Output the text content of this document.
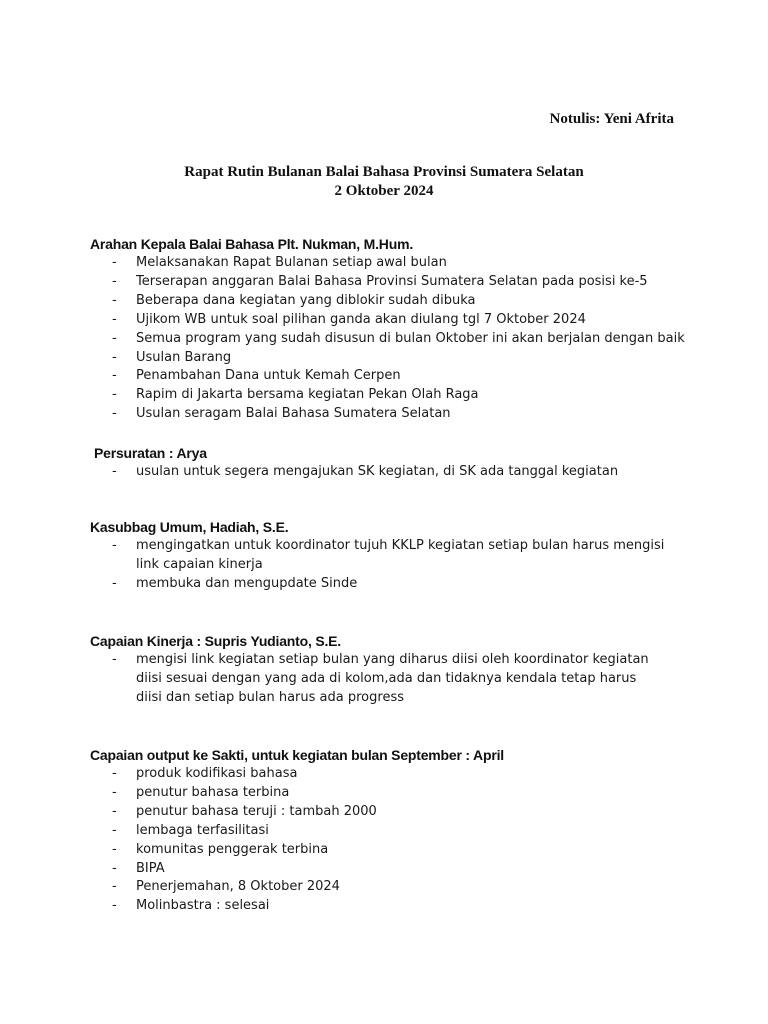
Notulis: Yeni Afrita
Rapat Rutin Bulanan Balai Bahasa Provinsi Sumatera Selatan
2 Oktober 2024
Arahan Kepala Balai Bahasa Plt. Nukman, M.Hum.
- Melaksanakan Rapat Bulanan setiap awal bulan
- Terserapan anggaran Balai Bahasa Provinsi Sumatera Selatan pada posisi ke-5
- Beberapa dana kegiatan yang diblokir sudah dibuka
- Ujikom WB untuk soal pilihan ganda akan diulang tgl 7 Oktober 2024
- Semua program yang sudah disusun di bulan Oktober ini akan berjalan dengan baik
- Usulan Barang
- Penambahan Dana untuk Kemah Cerpen
- Rapim di Jakarta bersama kegiatan Pekan Olah Raga
- Usulan seragam Balai Bahasa Sumatera Selatan
Persuratan : Arya
- usulan untuk segera mengajukan SK kegiatan, di SK ada tanggal kegiatan
Kasubbag Umum, Hadiah, S.E.
- mengingatkan untuk koordinator tujuh KKLP kegiatan setiap bulan harus mengisi link capaian kinerja
- membuka dan mengupdate Sinde
Capaian Kinerja : Supris Yudianto, S.E.
- mengisi link kegiatan setiap bulan yang diharus diisi oleh koordinator kegiatan diisi sesuai dengan yang ada di kolom,ada dan tidaknya kendala tetap harus diisi dan setiap bulan harus ada progress
Capaian output ke Sakti, untuk kegiatan bulan September : April
- produk kodifikasi bahasa
- penutur bahasa terbina
- penutur bahasa teruji : tambah 2000
- lembaga terfasilitasi
- komunitas penggerak terbina
- BIPA
- Penerjemahan, 8 Oktober 2024
- Molinbastra : selesai
